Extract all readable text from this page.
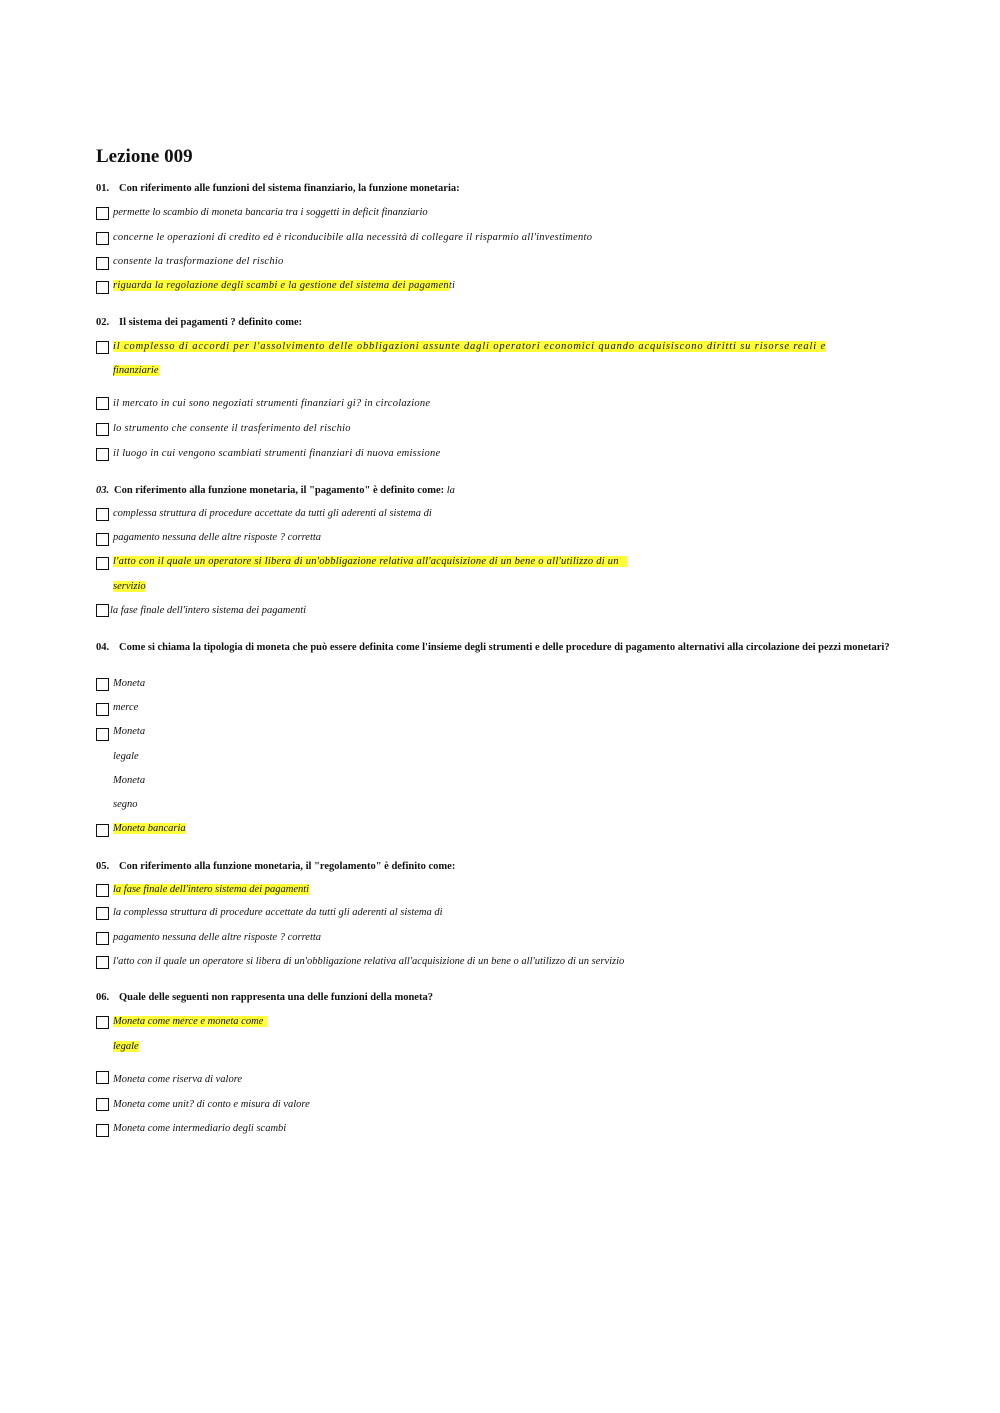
Lezione 009
01. Con riferimento alle funzioni del sistema finanziario, la funzione monetaria:
permette lo scambio di moneta bancaria tra i soggetti in deficit finanziario
concerne le operazioni di credito ed è riconducibile alla necessità di collegare il risparmio all'investimento
consente la trasformazione del rischio
riguarda la regolazione degli scambi e la gestione del sistema dei pagamenti
02. Il sistema dei pagamenti ? definito come:
il complesso di accordi per l'assolvimento delle obbligazioni assunte dagli operatori economici quando acquisiscono diritti su risorse reali e
finanziarie
il mercato in cui sono negoziati strumenti finanziari gi? in circolazione
lo strumento che consente il trasferimento del rischio
il luogo in cui vengono scambiati strumenti finanziari di nuova emissione
03. Con riferimento alla funzione monetaria, il "pagamento" è definito come: la
complessa struttura di procedure accettate da tutti gli aderenti al sistema di
pagamento nessuna delle altre risposte ? corretta
l'atto con il quale un operatore si libera di un'obbligazione relativa all'acquisizione di un bene o all'utilizzo di un
servizio
la fase finale dell'intero sistema dei pagamenti
04. Come si chiama la tipologia di moneta che può essere definita come l'insieme degli strumenti e delle procedure di pagamento alternativi alla circolazione dei pezzi monetari?
Moneta
merce
Moneta
legale
Moneta
segno
Moneta bancaria
05. Con riferimento alla funzione monetaria, il "regolamento" è definito come:
la fase finale dell'intero sistema dei pagamenti
la complessa struttura di procedure accettate da tutti gli aderenti al sistema di
pagamento nessuna delle altre risposte ? corretta
l'atto con il quale un operatore si libera di un'obbligazione relativa all'acquisizione di un bene o all'utilizzo di un servizio
06. Quale delle seguenti non rappresenta una delle funzioni della moneta?
Moneta come merce e moneta come
legale
Moneta come riserva di valore
Moneta come unit? di conto e misura di valore
Moneta come intermediario degli scambi
